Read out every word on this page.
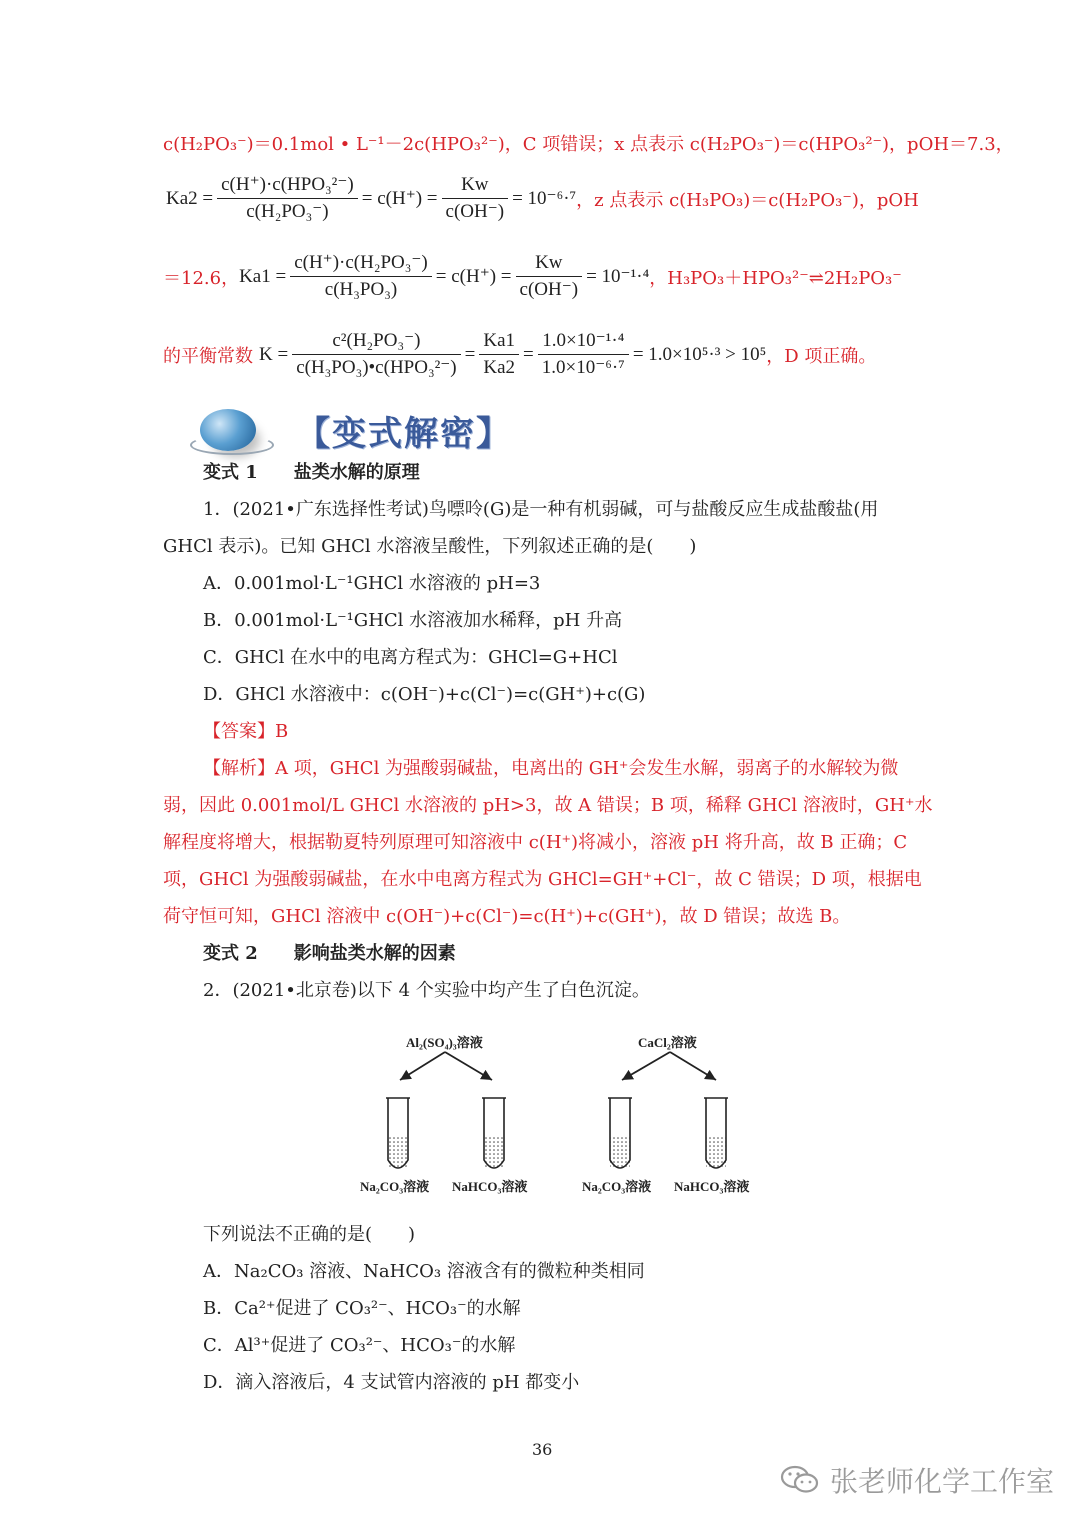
c(H₂PO₃⁻)＝0.1mol • L⁻¹－2c(HPO₃²⁻)，C 项错误；x 点表示 c(H₂PO₃⁻)＝c(HPO₃²⁻)，pOH＝7.3，
$Ka2 = \frac{\text{c(H⁺)·c(HPO₃²⁻)}}{\text{c(H₂PO₃⁻)}} = c(H^+) = \frac{Kw}{c(OH^-)} = 10^{-6}\cdot^7$ ，z 点表示 c(H₃PO₃)＝c(H₂PO₃⁻)，pOH
＝12.6， $Ka1 = \frac{\text{c(H⁺)·c(H₂PO₃⁻)}}{\text{c(H₃PO₃)}} = c(H^+) = \frac{Kw}{c(OH^-)} = 10^{-1}\cdot^4$ ，H₃PO₃＋HPO₃²⁻⇌2H₂PO₃⁻
的平衡常数 $K = \frac{\text{c²(H₂PO₃⁻)}}{\text{c(H₃PO₃)•c(HPO₃²⁻)}} = \frac{Ka1}{Ka2} = \frac{\text{1.0×10⁻¹·⁴}}{\text{1.0×10⁻⁶·⁷}} = 1.0\times 10^5\cdot^3 > 10^5$ ，D 项正确。
【变式解密】
变式 1　　盐类水解的原理
1．(2021•广东选择性考试)鸟嘌呤(G)是一种有机弱碱，可与盐酸反应生成盐酸盐(用
GHCl 表示)。已知 GHCl 水溶液呈酸性，下列叙述正确的是(　　)
A．0.001mol·L⁻¹GHCl 水溶液的 pH=3
B．0.001mol·L⁻¹GHCl 水溶液加水稀释，pH 升高
C．GHCl 在水中的电离方程式为：GHCl=G+HCl
D．GHCl 水溶液中：c(OH⁻)+c(Cl⁻)=c(GH⁺)+c(G)
【答案】B
【解析】A 项，GHCl 为强酸弱碱盐，电离出的 GH⁺会发生水解，弱离子的水解较为微
弱，因此 0.001mol/L GHCl 水溶液的 pH>3，故 A 错误；B 项，稀释 GHCl 溶液时，GH⁺水
解程度将增大，根据勒夏特列原理可知溶液中 c(H⁺)将减小，溶液 pH 将升高，故 B 正确；C
项，GHCl 为强酸弱碱盐，在水中电离方程式为 GHCl=GH⁺+Cl⁻，故 C 错误；D 项，根据电
荷守恒可知，GHCl 溶液中 c(OH⁻)+c(Cl⁻)=c(H⁺)+c(GH⁺)，故 D 错误；故选 B。
变式 2　　影响盐类水解的因素
2．(2021•北京卷)以下 4 个实验中均产生了白色沉淀。
Al₂(SO₄)₃溶液	CaCl₂溶液
Na₂CO₃溶液 NaHCO₃溶液	Na₂CO₃溶液 NaHCO₃溶液
下列说法不正确的是(　　)
A．Na₂CO₃ 溶液、NaHCO₃ 溶液含有的微粒种类相同
B．Ca²⁺促进了 CO₃²⁻、HCO₃⁻的水解
C．Al³⁺促进了 CO₃²⁻、HCO₃⁻的水解
D．滴入溶液后，4 支试管内溶液的 pH 都变小
36
张老师化学工作室
